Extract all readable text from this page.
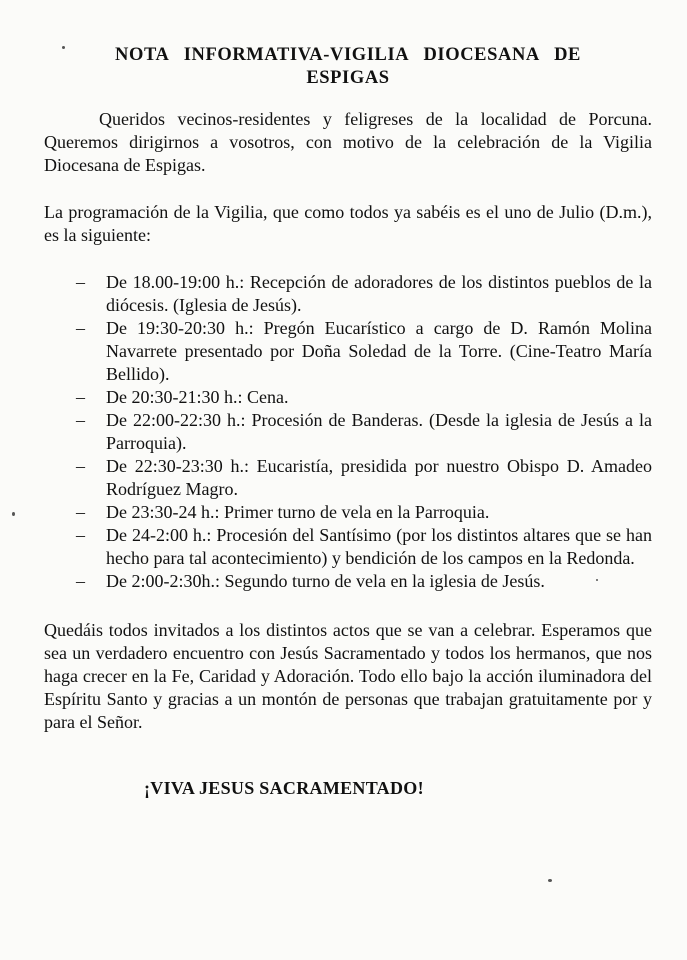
NOTA INFORMATIVA-VIGILIA DIOCESANA DE
ESPIGAS

Queridos vecinos-residentes y feligreses de la localidad de Porcuna. Queremos dirigirnos a vosotros, con motivo de la celebración de la Vigilia Diocesana de Espigas.

La programación de la Vigilia, que como todos ya sabéis es el uno de Julio (D.m.), es la siguiente:

– De 18.00-19:00 h.: Recepción de adoradores de los distintos pueblos de la diócesis. (Iglesia de Jesús).
– De 19:30-20:30 h.: Pregón Eucarístico a cargo de D. Ramón Molina Navarrete presentado por Doña Soledad de la Torre. (Cine-Teatro María Bellido).
– De 20:30-21:30 h.: Cena.
– De 22:00-22:30 h.: Procesión de Banderas. (Desde la iglesia de Jesús a la Parroquia).
– De 22:30-23:30 h.: Eucaristía, presidida por nuestro Obispo D. Amadeo Rodríguez Magro.
– De 23:30-24 h.: Primer turno de vela en la Parroquia.
– De 24-2:00 h.: Procesión del Santísimo (por los distintos altares que se han hecho para tal acontecimiento) y bendición de los campos en la Redonda.
– De 2:00-2:30h.: Segundo turno de vela en la iglesia de Jesús.

Quedáis todos invitados a los distintos actos que se van a celebrar. Esperamos que sea un verdadero encuentro con Jesús Sacramentado y todos los hermanos, que nos haga crecer en la Fe, Caridad y Adoración. Todo ello bajo la acción iluminadora del Espíritu Santo y gracias a un montón de personas que trabajan gratuitamente por y para el Señor.

¡VIVA JESUS SACRAMENTADO!
